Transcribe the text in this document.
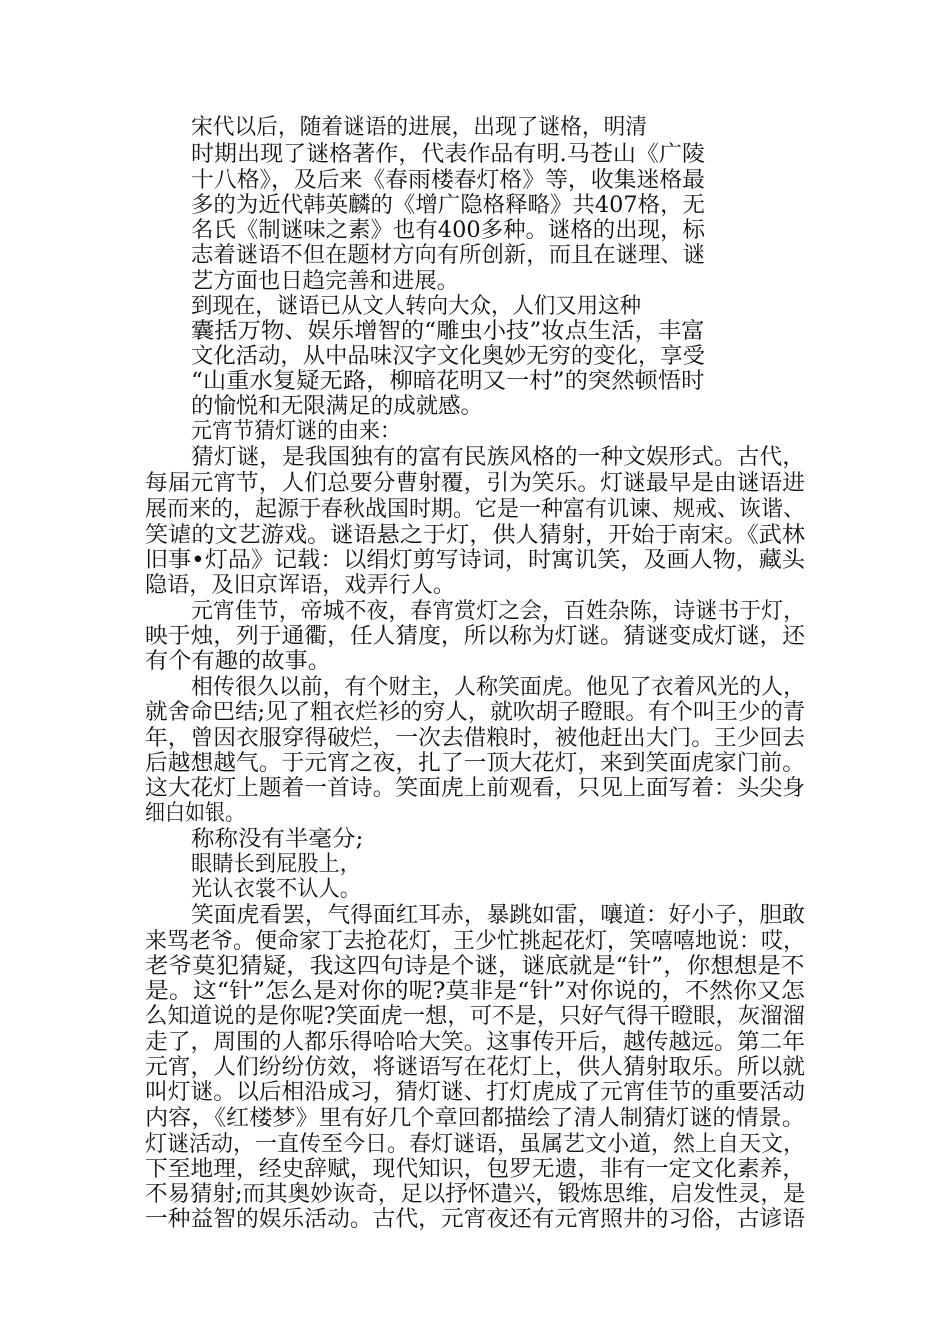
宋代以后，随着谜语的进展，出现了谜格，明清
时期出现了谜格著作，代表作品有明.马苍山《广陵
十八格》，及后来《春雨楼春灯格》等，收集迷格最
多的为近代韩英麟的《增广隐格释略》共407格，无
名氏《制谜味之素》也有400多种。谜格的出现，标
志着谜语不但在题材方向有所创新，而且在谜理、谜
艺方面也日趋完善和进展。
到现在，谜语已从文人转向大众，人们又用这种
囊括万物、娱乐增智的“雕虫小技”妆点生活，丰富
文化活动，从中品味汉字文化奥妙无穷的变化，享受
“山重水复疑无路，柳暗花明又一村”的突然顿悟时
的愉悦和无限满足的成就感。
元宵节猜灯谜的由来：
猜灯谜，是我国独有的富有民族风格的一种文娱形式。古代，
每届元宵节，人们总要分曹射覆，引为笑乐。灯谜最早是由谜语进
展而来的，起源于春秋战国时期。它是一种富有讥谏、规戒、诙谐、
笑谑的文艺游戏。谜语悬之于灯，供人猜射，开始于南宋。《武林
旧事•灯品》记载：以绢灯剪写诗词，时寓讥笑，及画人物，藏头
隐语，及旧京诨语，戏弄行人。
元宵佳节，帝城不夜，春宵赏灯之会，百姓杂陈，诗谜书于灯，
映于烛，列于通衢，任人猜度，所以称为灯谜。猜谜变成灯谜，还
有个有趣的故事。
相传很久以前，有个财主，人称笑面虎。他见了衣着风光的人，
就舍命巴结;见了粗衣烂衫的穷人，就吹胡子瞪眼。有个叫王少的青
年，曾因衣服穿得破烂，一次去借粮时，被他赶出大门。王少回去
后越想越气。于元宵之夜，扎了一顶大花灯，来到笑面虎家门前。
这大花灯上题着一首诗。笑面虎上前观看，只见上面写着：头尖身
细白如银。
称称没有半毫分;
眼睛长到屁股上，
光认衣裳不认人。
笑面虎看罢，气得面红耳赤，暴跳如雷，嚷道：好小子，胆敢
来骂老爷。便命家丁去抢花灯，王少忙挑起花灯，笑嘻嘻地说：哎，
老爷莫犯猜疑，我这四句诗是个谜，谜底就是“针”，你想想是不
是。这“针”怎么是对你的呢?莫非是“针”对你说的，不然你又怎
么知道说的是你呢?笑面虎一想，可不是，只好气得干瞪眼，灰溜溜
走了，周围的人都乐得哈哈大笑。这事传开后，越传越远。第二年
元宵，人们纷纷仿效，将谜语写在花灯上，供人猜射取乐。所以就
叫灯谜。以后相沿成习，猜灯谜、打灯虎成了元宵佳节的重要活动
内容，《红楼梦》里有好几个章回都描绘了清人制猜灯谜的情景。
灯谜活动，一直传至今日。春灯谜语，虽属艺文小道，然上自天文，
下至地理，经史辞赋，现代知识，包罗无遗，非有一定文化素养，
不易猜射;而其奥妙诙奇，足以抒怀遣兴，锻炼思维，启发性灵，是
一种益智的娱乐活动。古代，元宵夜还有元宵照井的习俗，古谚语
